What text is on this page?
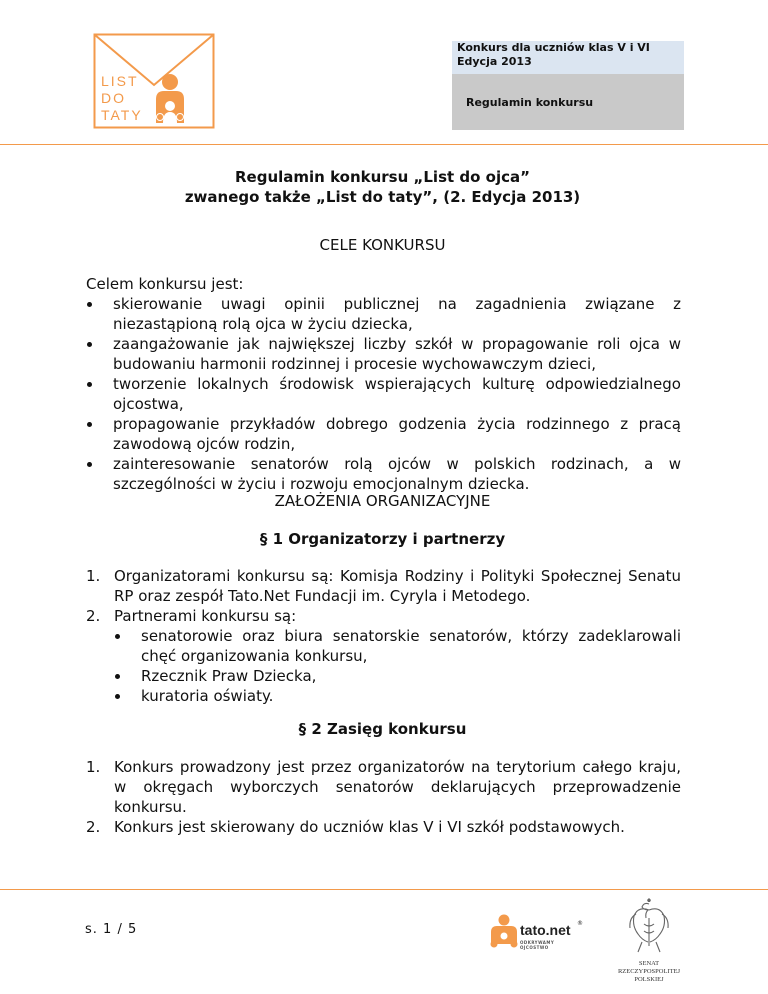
LIST
DO
TATY
Konkurs dla uczniów klas V i VI
Edycja 2013
Regulamin konkursu
Regulamin konkursu „List do ojca”
zwanego także „List do taty”, (2. Edycja 2013)
CELE KONKURSU
Celem konkursu jest:
skierowanie uwagi opinii publicznej na zagadnienia związane z niezastąpioną rolą ojca w życiu dziecka,
zaangażowanie jak największej liczby szkół w propagowanie roli ojca w budowaniu harmonii rodzinnej i procesie wychowawczym dzieci,
tworzenie lokalnych środowisk wspierających kulturę odpowiedzialnego ojcostwa,
propagowanie przykładów dobrego godzenia życia rodzinnego z pracą zawodową ojców rodzin,
zainteresowanie senatorów rolą ojców w polskich rodzinach, a w szczególności w życiu i rozwoju emocjonalnym dziecka.
ZAŁOŻENIA ORGANIZACYJNE
§ 1 Organizatorzy i partnerzy
1. Organizatorami konkursu są: Komisja Rodziny i Polityki Społecznej Senatu RP oraz zespół Tato.Net Fundacji im. Cyryla i Metodego.
2. Partnerami konkursu są:
senatorowie oraz biura senatorskie senatorów, którzy zadeklarowali chęć organizowania konkursu,
Rzecznik Praw Dziecka,
kuratoria oświaty.
§ 2 Zasięg konkursu
1. Konkurs prowadzony jest przez organizatorów na terytorium całego kraju, w okręgach wyborczych senatorów deklarujących przeprowadzenie konkursu.
2. Konkurs jest skierowany do uczniów klas V i VI szkół podstawowych.
s. 1 / 5	tato.net ®
ODKRYWAMY OJCOSTWO
SENAT
RZECZYPOSPOLITEJ
POLSKIEJ
